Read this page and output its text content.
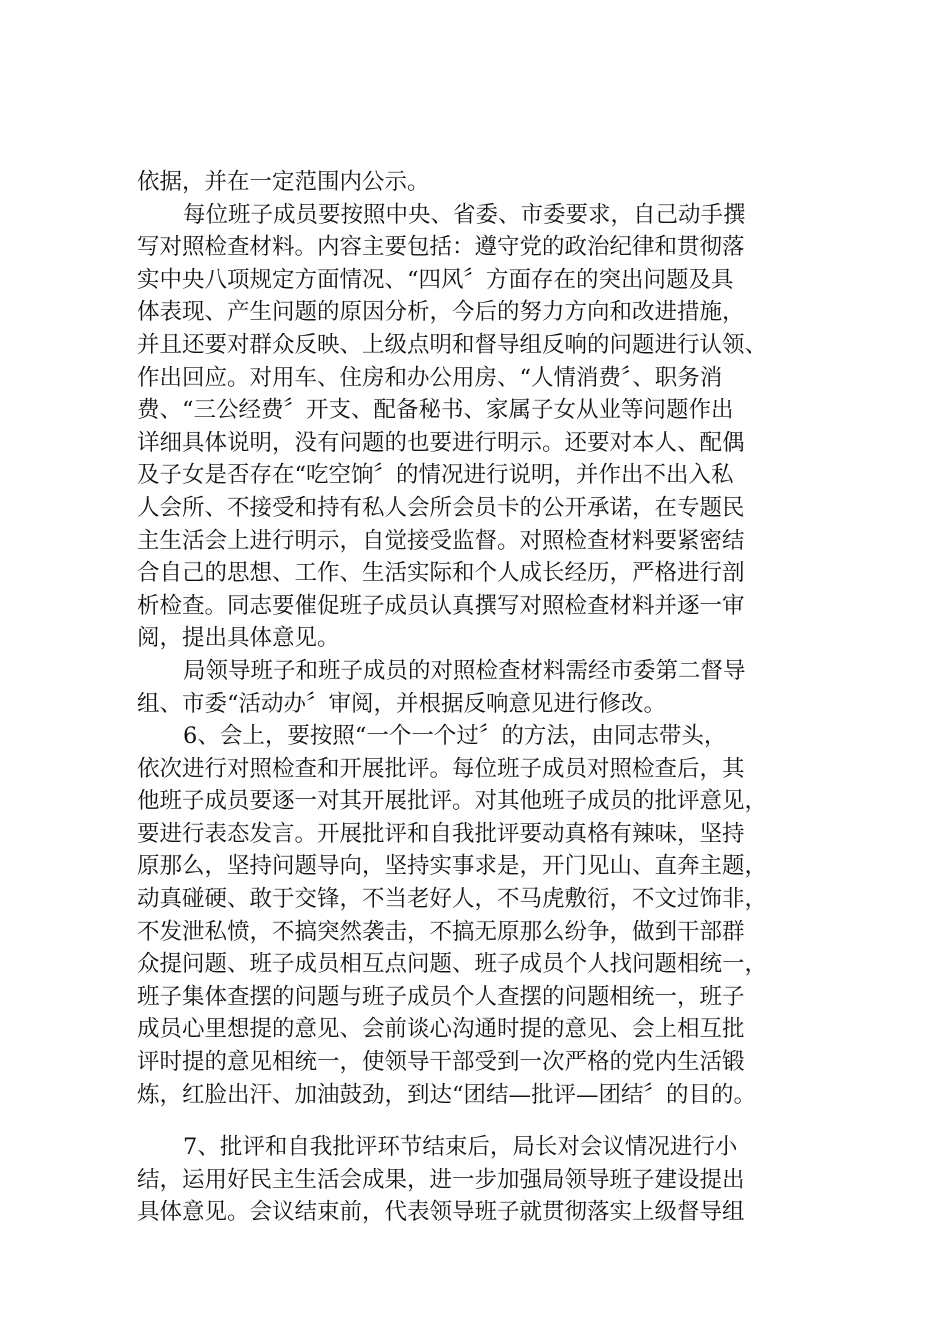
依据，并在一定范围内公示。
每位班子成员要按照中央、省委、市委要求，自己动手撰
写对照检查材料。内容主要包括：遵守党的政治纪律和贯彻落
实中央八项规定方面情况、“四风〞方面存在的突出问题及具
体表现、产生问题的原因分析，今后的努力方向和改进措施，
并且还要对群众反映、上级点明和督导组反响的问题进行认领、
作出回应。对用车、住房和办公用房、“人情消费〞、职务消
费、“三公经费〞开支、配备秘书、家属子女从业等问题作出
详细具体说明，没有问题的也要进行明示。还要对本人、配偶
及子女是否存在“吃空饷〞的情况进行说明，并作出不出入私
人会所、不接受和持有私人会所会员卡的公开承诺，在专题民
主生活会上进行明示，自觉接受监督。对照检查材料要紧密结
合自己的思想、工作、生活实际和个人成长经历，严格进行剖
析检查。同志要催促班子成员认真撰写对照检查材料并逐一审
阅，提出具体意见。
局领导班子和班子成员的对照检查材料需经市委第二督导
组、市委“活动办〞审阅，并根据反响意见进行修改。
6、会上，要按照“一个一个过〞的方法，由同志带头，
依次进行对照检查和开展批评。每位班子成员对照检查后，其
他班子成员要逐一对其开展批评。对其他班子成员的批评意见，
要进行表态发言。开展批评和自我批评要动真格有辣味，坚持
原那么，坚持问题导向，坚持实事求是，开门见山、直奔主题，
动真碰硬、敢于交锋，不当老好人，不马虎敷衍，不文过饰非，
不发泄私愤，不搞突然袭击，不搞无原那么纷争，做到干部群
众提问题、班子成员相互点问题、班子成员个人找问题相统一，
班子集体查摆的问题与班子成员个人查摆的问题相统一，班子
成员心里想提的意见、会前谈心沟通时提的意见、会上相互批
评时提的意见相统一，使领导干部受到一次严格的党内生活锻
炼，红脸出汗、加油鼓劲，到达“团结—批评—团结〞的目的。
7、批评和自我批评环节结束后，局长对会议情况进行小
结，运用好民主生活会成果，进一步加强局领导班子建设提出
具体意见。会议结束前，代表领导班子就贯彻落实上级督导组
